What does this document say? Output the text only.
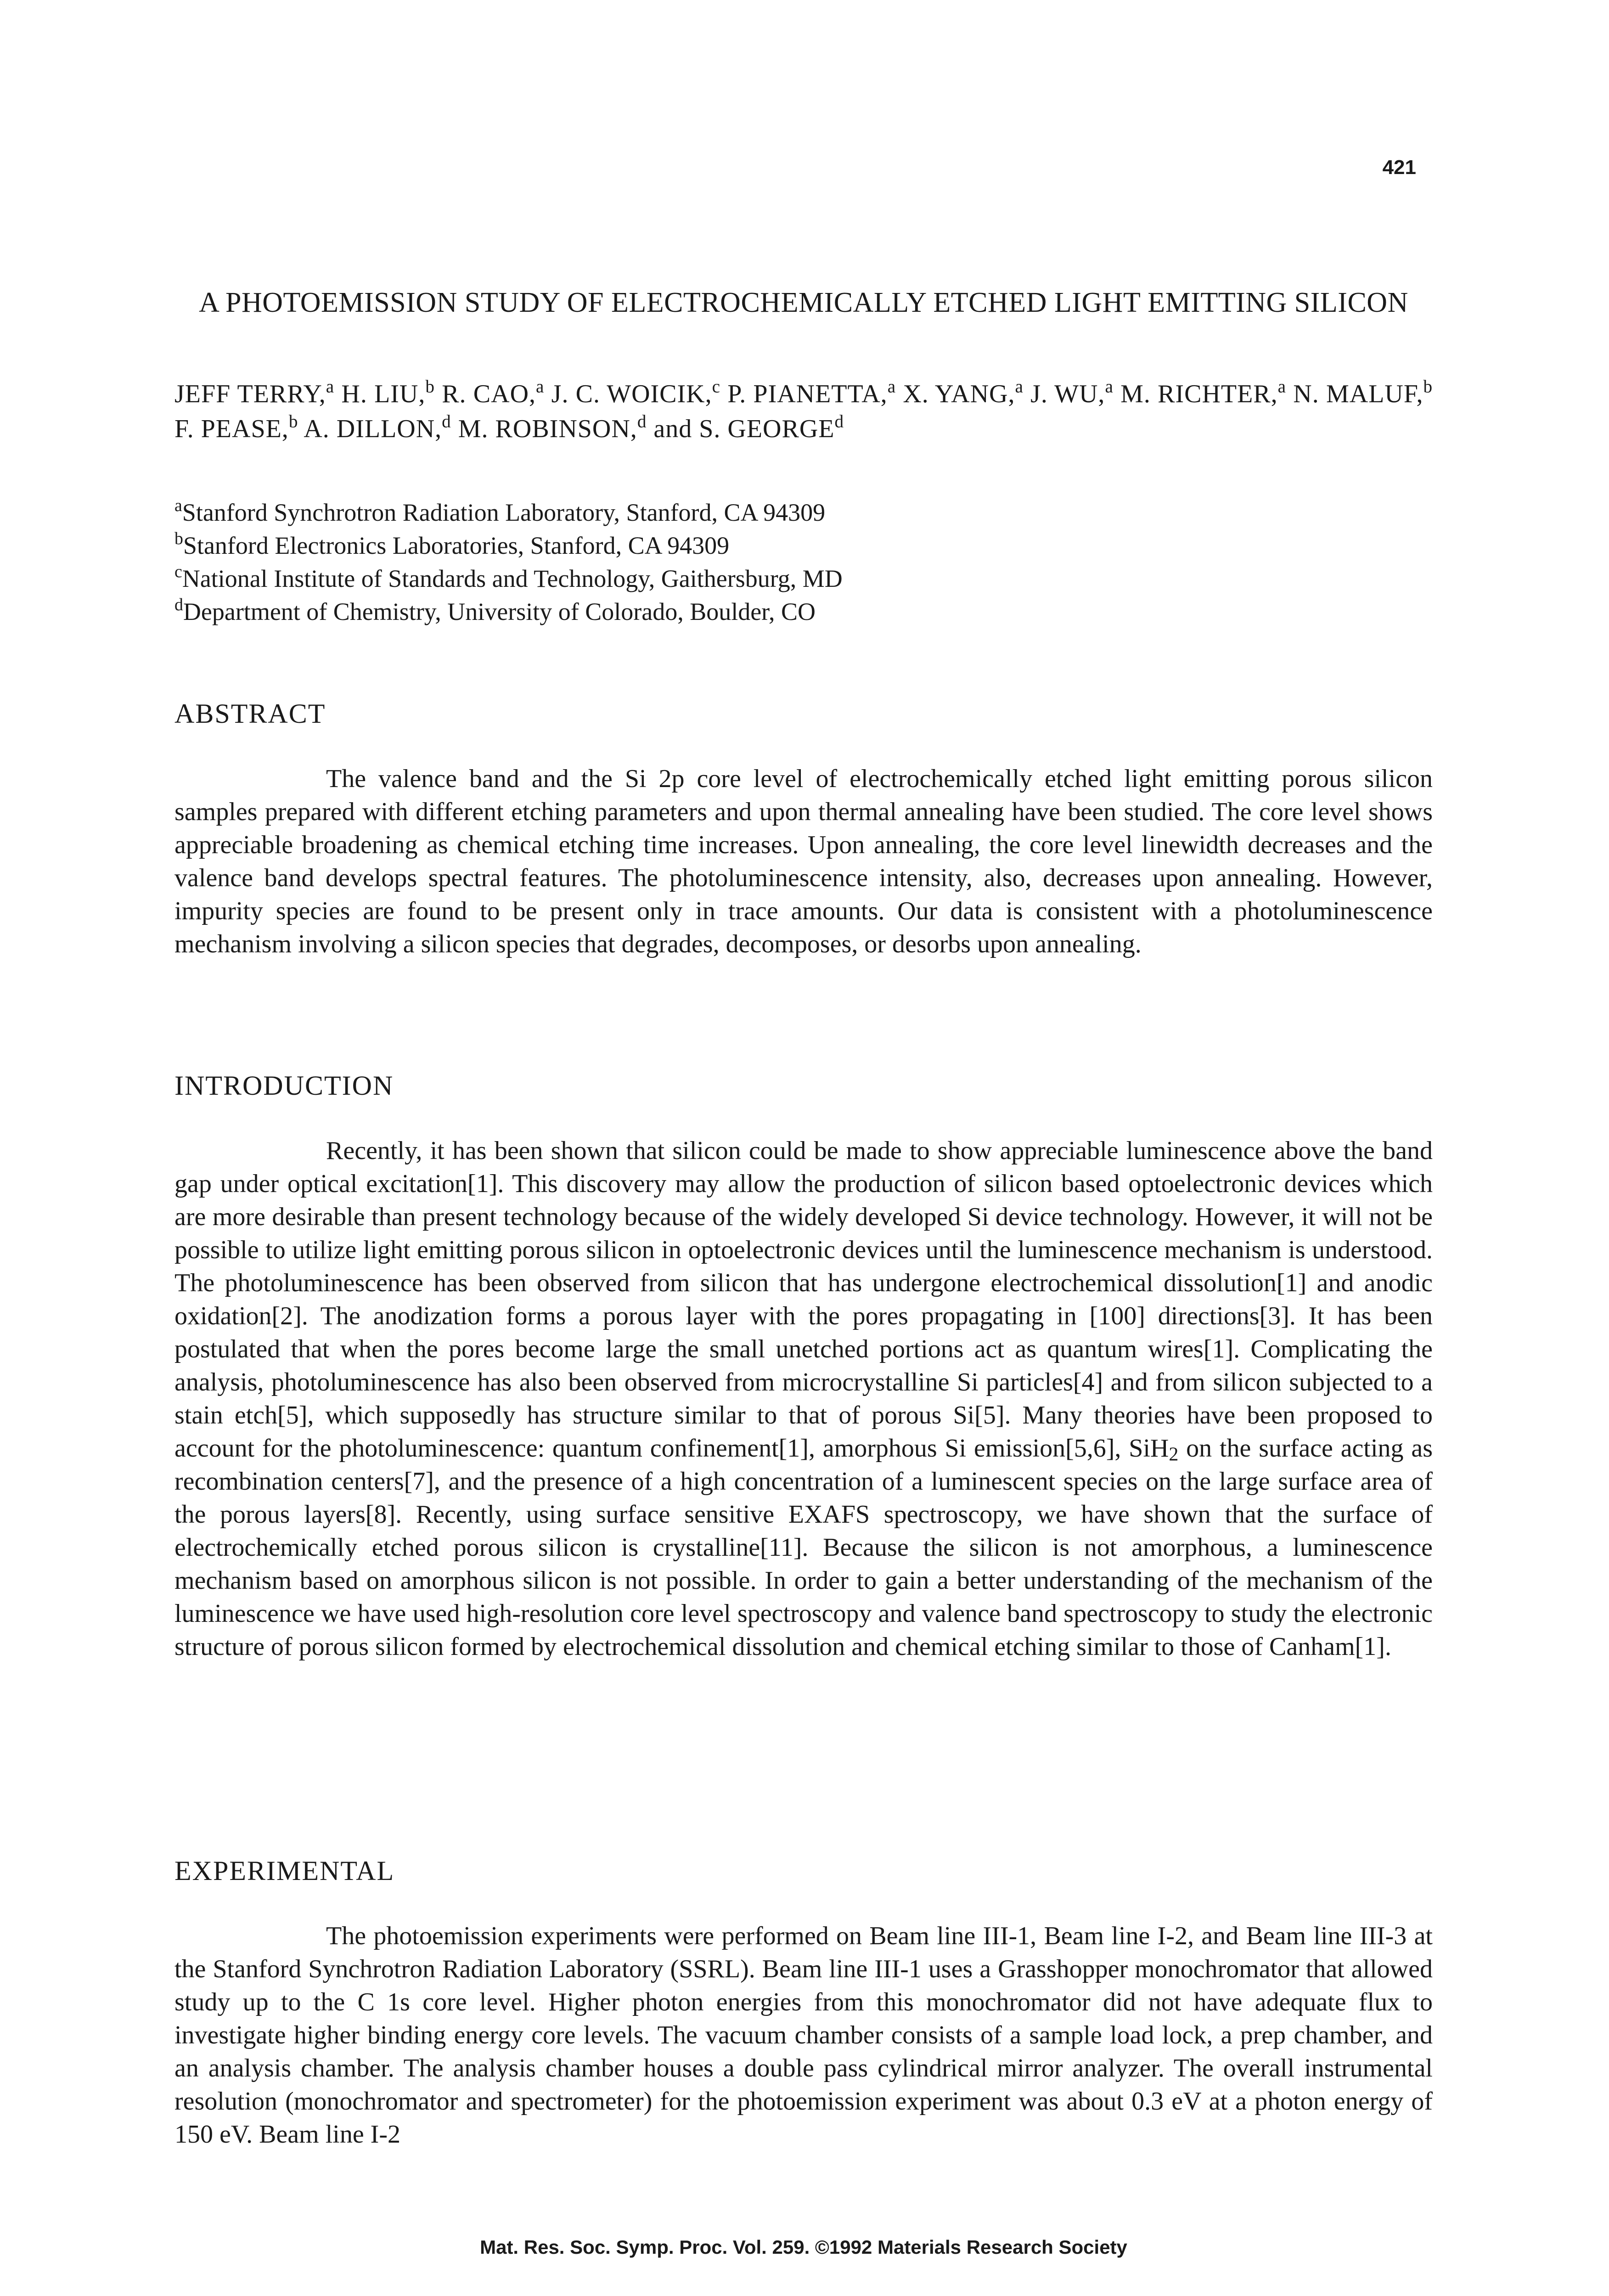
421
A PHOTOEMISSION STUDY OF ELECTROCHEMICALLY ETCHED LIGHT EMITTING SILICON
JEFF TERRY,$^a$ H. LIU,$^b$ R. CAO,$^a$ J. C. WOICIK,$^c$ P. PIANETTA,$^a$ X. YANG,$^a$ J. WU,$^a$ M. RICHTER,$^a$ N. MALUF,$^b$ F. PEASE,$^b$ A. DILLON,$^d$ M. ROBINSON,$^d$ and S. GEORGE$^d$
$^a$Stanford Synchrotron Radiation Laboratory, Stanford, CA 94309
$^b$Stanford Electronics Laboratories, Stanford, CA 94309
$^c$National Institute of Standards and Technology, Gaithersburg, MD
$^d$Department of Chemistry, University of Colorado, Boulder, CO
ABSTRACT
The valence band and the Si 2p core level of electrochemically etched light emitting porous silicon samples prepared with different etching parameters and upon thermal annealing have been studied. The core level shows appreciable broadening as chemical etching time increases. Upon annealing, the core level linewidth decreases and the valence band develops spectral features. The photoluminescence intensity, also, decreases upon annealing. However, impurity species are found to be present only in trace amounts. Our data is consistent with a photoluminescence mechanism involving a silicon species that degrades, decomposes, or desorbs upon annealing.
INTRODUCTION
Recently, it has been shown that silicon could be made to show appreciable luminescence above the band gap under optical excitation[1]. This discovery may allow the production of silicon based optoelectronic devices which are more desirable than present technology because of the widely developed Si device technology. However, it will not be possible to utilize light emitting porous silicon in optoelectronic devices until the luminescence mechanism is understood. The photoluminescence has been observed from silicon that has undergone electrochemical dissolution[1] and anodic oxidation[2]. The anodization forms a porous layer with the pores propagating in [100] directions[3]. It has been postulated that when the pores become large the small unetched portions act as quantum wires[1]. Complicating the analysis, photoluminescence has also been observed from microcrystalline Si particles[4] and from silicon subjected to a stain etch[5], which supposedly has structure similar to that of porous Si[5]. Many theories have been proposed to account for the photoluminescence: quantum confinement[1], amorphous Si emission[5,6], SiH$_2$ on the surface acting as recombination centers[7], and the presence of a high concentration of a luminescent species on the large surface area of the porous layers[8]. Recently, using surface sensitive EXAFS spectroscopy, we have shown that the surface of electrochemically etched porous silicon is crystalline[11]. Because the silicon is not amorphous, a luminescence mechanism based on amorphous silicon is not possible. In order to gain a better understanding of the mechanism of the luminescence we have used high-resolution core level spectroscopy and valence band spectroscopy to study the electronic structure of porous silicon formed by electrochemical dissolution and chemical etching similar to those of Canham[1].
EXPERIMENTAL
The photoemission experiments were performed on Beam line III-1, Beam line I-2, and Beam line III-3 at the Stanford Synchrotron Radiation Laboratory (SSRL). Beam line III-1 uses a Grasshopper monochromator that allowed study up to the C 1s core level. Higher photon energies from this monochromator did not have adequate flux to investigate higher binding energy core levels. The vacuum chamber consists of a sample load lock, a prep chamber, and an analysis chamber. The analysis chamber houses a double pass cylindrical mirror analyzer. The overall instrumental resolution (monochromator and spectrometer) for the photoemission experiment was about 0.3 eV at a photon energy of 150 eV. Beam line I-2
Mat. Res. Soc. Symp. Proc. Vol. 259. ©1992 Materials Research Society
